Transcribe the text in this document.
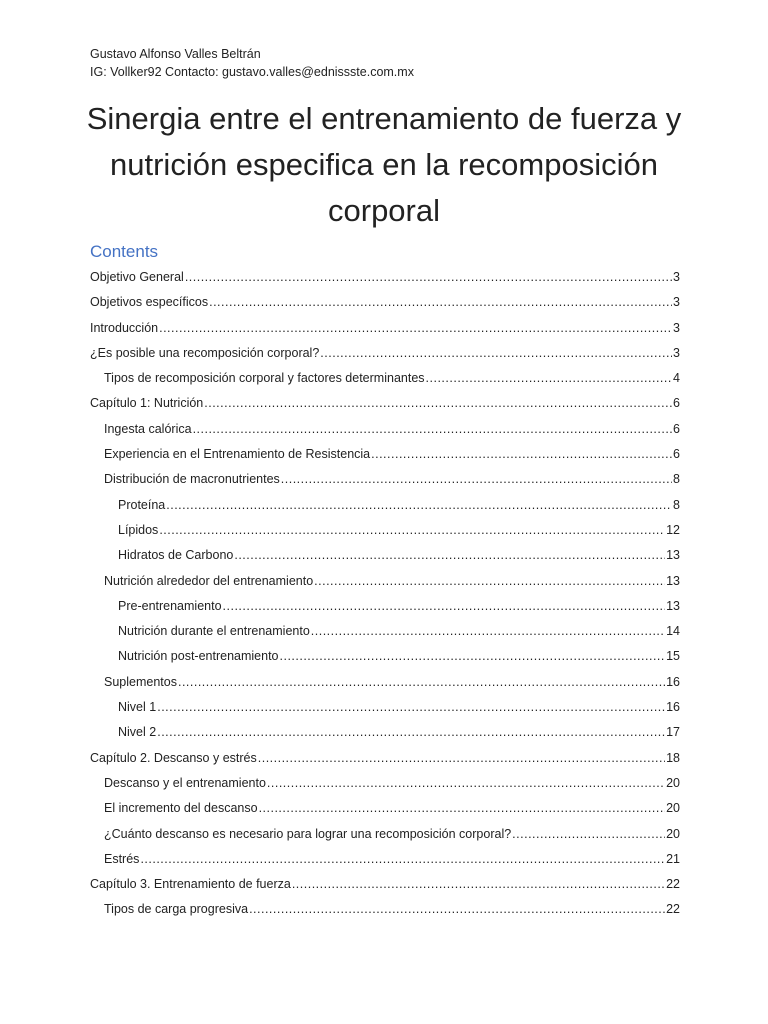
Gustavo Alfonso Valles Beltrán
IG: Vollker92 Contacto: gustavo.valles@ednissste.com.mx
Sinergia entre el entrenamiento de fuerza y
nutrición especifica en la recomposición
corporal
Contents
Objetivo General .....	3
Objetivos específicos .....	3
Introducción .....	3
¿Es posible una recomposición corporal? .....	3
Tipos de recomposición corporal y factores determinantes .....	4
Capítulo 1: Nutrición .....	6
Ingesta calórica .....	6
Experiencia en el Entrenamiento de Resistencia .....	6
Distribución de macronutrientes .....	8
Proteína .....	8
Lípidos .....	12
Hidratos de Carbono .....	13
Nutrición alrededor del entrenamiento .....	13
Pre-entrenamiento .....	13
Nutrición durante el entrenamiento .....	14
Nutrición post-entrenamiento .....	15
Suplementos .....	16
Nivel 1 .....	16
Nivel 2 .....	17
Capítulo 2. Descanso y estrés .....	18
Descanso y el entrenamiento .....	20
El incremento del descanso .....	20
¿Cuánto descanso es necesario para lograr una recomposición corporal? .....	20
Estrés .....	21
Capítulo 3. Entrenamiento de fuerza .....	22
Tipos de carga progresiva .....	22
